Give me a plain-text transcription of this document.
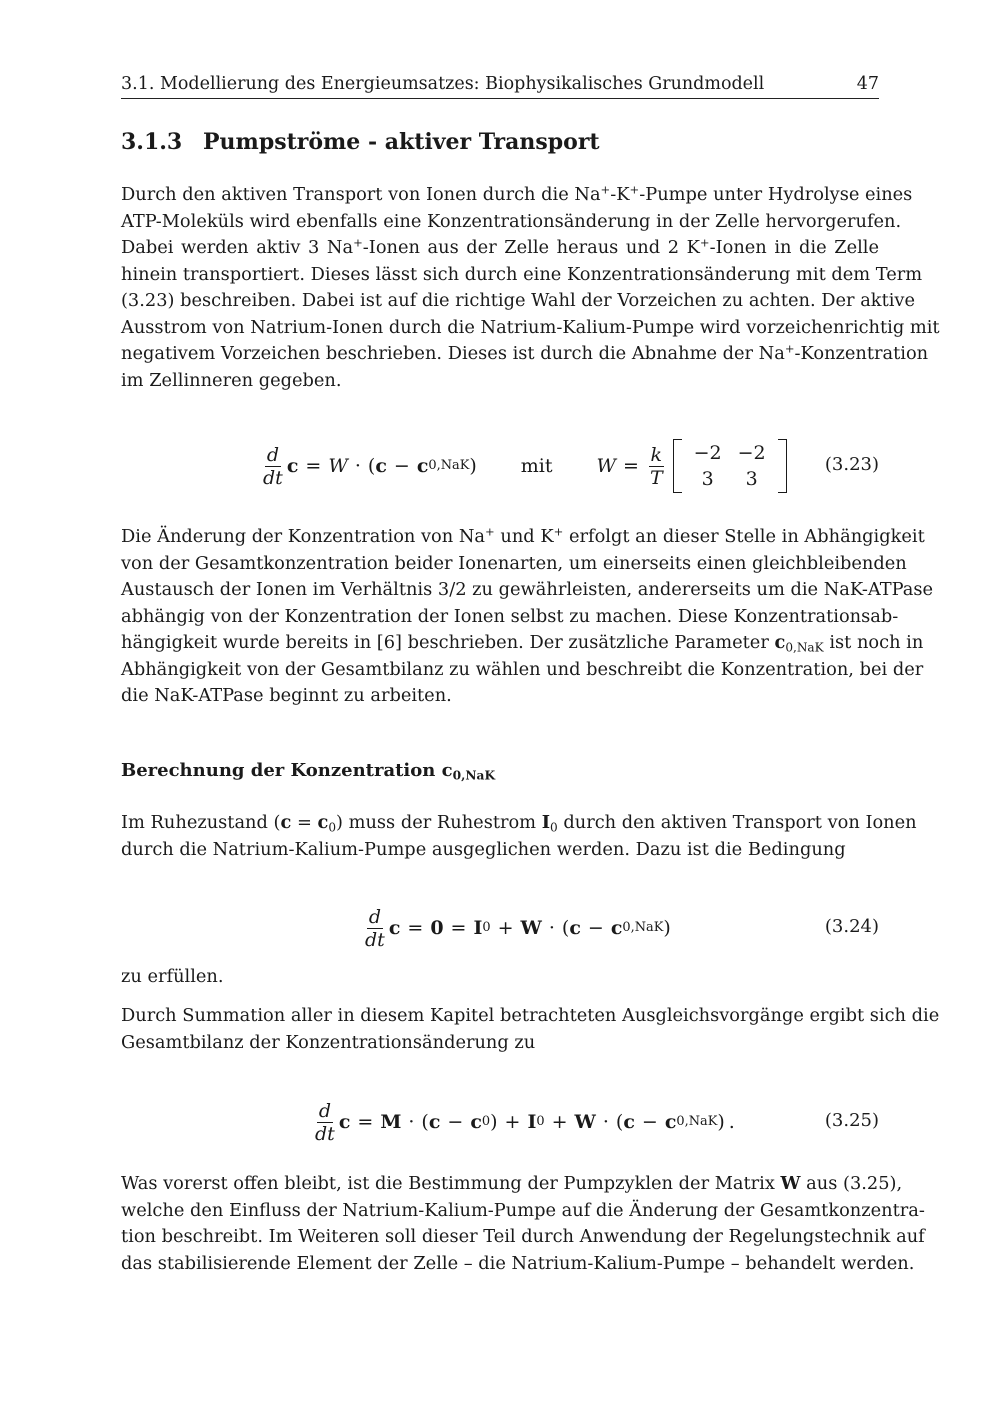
3.1. Modellierung des Energieumsatzes: Biophysikalisches Grundmodell	47
3.1.3 Pumpströme - aktiver Transport
Durch den aktiven Transport von Ionen durch die Na+-K+-Pumpe unter Hydrolyse eines
ATP-Moleküls wird ebenfalls eine Konzentrationsänderung in der Zelle hervorgerufen.
Dabei werden aktiv 3 Na+-Ionen aus der Zelle heraus und 2 K+-Ionen in die Zelle
hinein transportiert. Dieses lässt sich durch eine Konzentrationsänderung mit dem Term
(3.23) beschreiben. Dabei ist auf die richtige Wahl der Vorzeichen zu achten. Der aktive
Ausstrom von Natrium-Ionen durch die Natrium-Kalium-Pumpe wird vorzeichenrichtig mit
negativem Vorzeichen beschrieben. Dieses ist durch die Abnahme der Na+-Konzentration
im Zellinneren gegeben.
$\frac{d}{dt}$ c = W · ( c − c 0,NaK ) mit $W = \frac{k}{T}$	−2 −2
3	3
(3.23)
Die Änderung der Konzentration von Na+ und K+ erfolgt an dieser Stelle in Abhängigkeit
von der Gesamtkonzentration beider Ionenarten, um einerseits einen gleichbleibenden
Austausch der Ionen im Verhältnis 3/2 zu gewährleisten, andererseits um die NaK-ATPase
abhängig von der Konzentration der Ionen selbst zu machen. Diese Konzentrationsab-
hängigkeit wurde bereits in [6] beschrieben. Der zusätzliche Parameter $c_{0,NaK}$ ist noch in
Abhängigkeit von der Gesamtbilanz zu wählen und beschreibt die Konzentration, bei der
die NaK-ATPase beginnt zu arbeiten.
Berechnung der Konzentration $c_{0,NaK}$
Im Ruhezustand $(c = c_0)$ muss der Ruhestrom $I_0$ durch den aktiven Transport von Ionen
durch die Natrium-Kalium-Pumpe ausgeglichen werden. Dazu ist die Bedingung
$\frac{d}{dt}$ c = 0 = I 0 + W · ( c − c 0,NaK )	(3.24)
zu erfüllen.
Durch Summation aller in diesem Kapitel betrachteten Ausgleichsvorgänge ergibt sich die
Gesamtbilanz der Konzentrationsänderung zu
$\frac{d}{dt}$ c = M · ( c − c 0 ) + I 0 + W · ( c − c 0,NaK ) .	(3.25)
Was vorerst offen bleibt, ist die Bestimmung der Pumpzyklen der Matrix W aus (3.25),
welche den Einfluss der Natrium-Kalium-Pumpe auf die Änderung der Gesamtkonzentra-
tion beschreibt. Im Weiteren soll dieser Teil durch Anwendung der Regelungstechnik auf
das stabilisierende Element der Zelle – die Natrium-Kalium-Pumpe – behandelt werden.
